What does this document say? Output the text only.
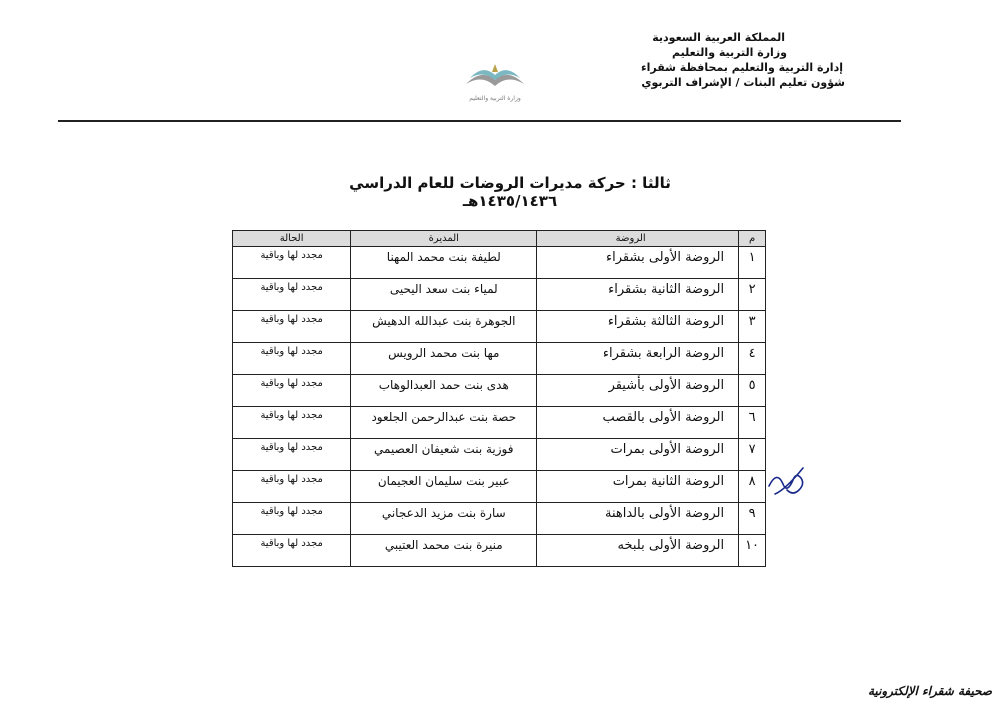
المملكة العربية السعودية
وزارة التربية والتعليم
إدارة التربية والتعليم بمحافظة شقراء
شؤون تعليم البنات / الإشراف التربوي
وزارة التربية والتعليم
ثالثا : حركة مديرات الروضات للعام الدراسي ١٤٣٥/١٤٣٦هـ
م	الروضة	المديرة	الحالة
١	الروضة الأولى بشقراء	لطيفة بنت محمد المهنا	مجدد لها وباقية
٢	الروضة الثانية بشقراء	لمياء بنت سعد اليحيى	مجدد لها وباقية
٣	الروضة الثالثة بشقراء	الجوهرة بنت عبدالله الدهيش	مجدد لها وباقية
٤	الروضة الرابعة بشقراء	مها بنت محمد الرويس	مجدد لها وباقية
٥	الروضة الأولى بأشيقر	هدى بنت حمد العبدالوهاب	مجدد لها وباقية
٦	الروضة الأولى بالقصب	حصة بنت عبدالرحمن الجلعود	مجدد لها وباقية
٧	الروضة الأولى بمرات	فوزية بنت شعيفان العصيمي	مجدد لها وباقية
٨	الروضة الثانية بمرات	عبير بنت سليمان العجيمان	مجدد لها وباقية
٩	الروضة الأولى بالداهنة	سارة بنت مزيد الدعجاني	مجدد لها وباقية
١٠	الروضة الأولى بلبخه	منيرة بنت محمد العتيبي	مجدد لها وباقية
صحيفة شقراء الإلكترونية
